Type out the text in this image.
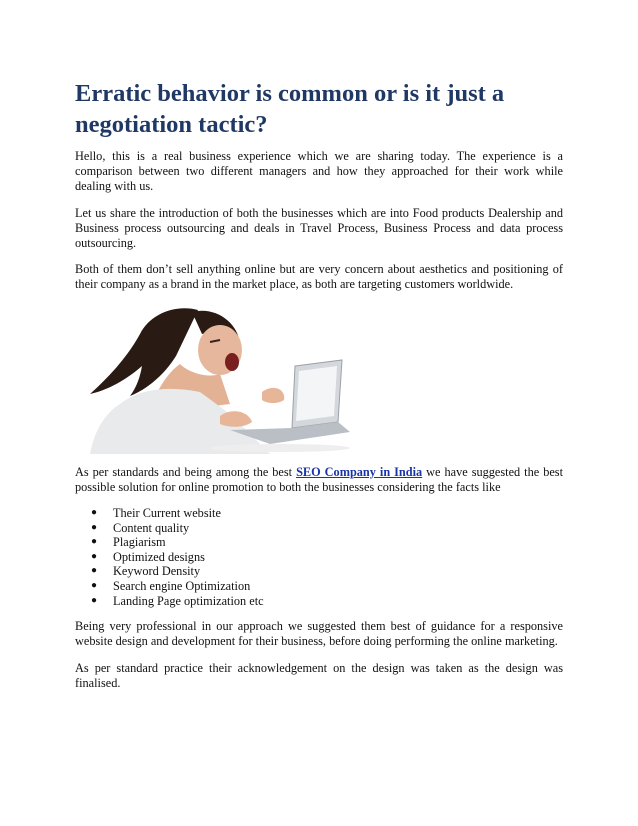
Erratic behavior is common or is it just a negotiation tactic?

Hello, this is a real business experience which we are sharing today. The experience is a comparison between two different managers and how they approached for their work while dealing with us.

Let us share the introduction of both the businesses which are into Food products Dealership and Business process outsourcing and deals in Travel Process, Business Process and data process outsourcing.

Both of them don’t sell anything online but are very concern about aesthetics and positioning of their company as a brand in the market place, as both are targeting customers worldwide.

As per standards and being among the best SEO Company in India we have suggested the best possible solution for online promotion to both the businesses considering the facts like

● Their Current website
● Content quality
● Plagiarism
● Optimized designs
● Keyword Density
● Search engine Optimization
● Landing Page optimization etc

Being very professional in our approach we suggested them best of guidance for a responsive website design and development for their business, before doing performing the online marketing.

As per standard practice their acknowledgement on the design was taken as the design was finalised.
